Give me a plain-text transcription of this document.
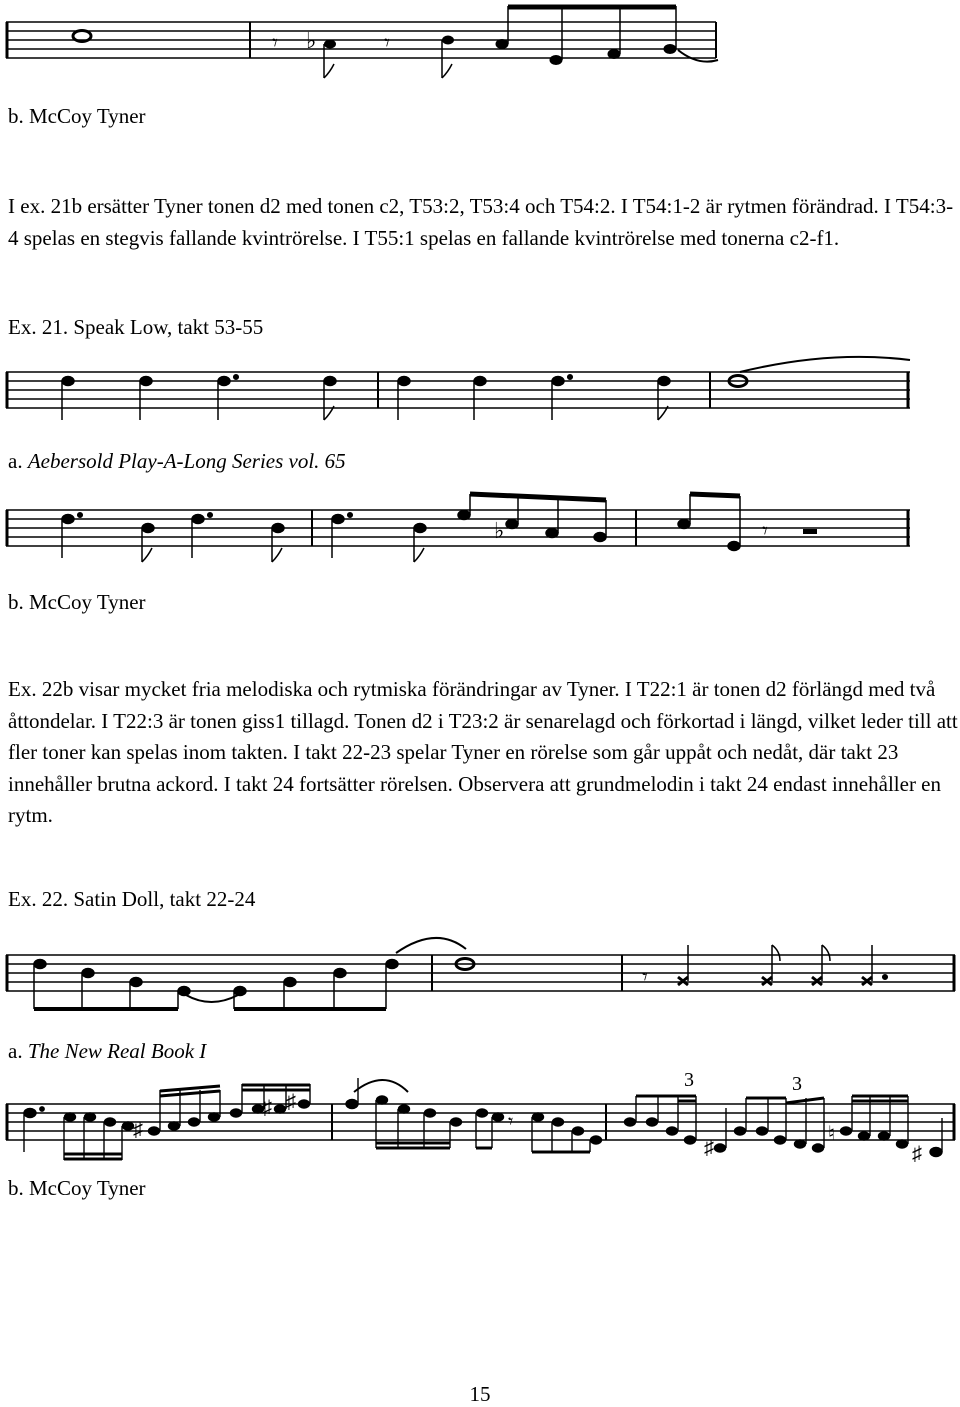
𝄾	𝄾
♭

b. McCoy Tyner

I ex. 21b ersätter Tyner tonen d2 med tonen c2, T53:2, T53:4 och T54:2. I T54:1-2 är rytmen förändrad. I T54:3-4 spelas en stegvis fallande kvintrörelse. I T55:1 spelas en fallande kvintrörelse med tonerna c2-f1.

Ex. 21. Speak Low, takt 53-55

a. Aebersold Play-A-Long Series vol. 65

♭	𝄾

b. McCoy Tyner

Ex. 22b visar mycket fria melodiska och rytmiska förändringar av Tyner. I T22:1 är tonen d2 förlängd med två åttondelar. I T22:3 är tonen giss1 tillagd. Tonen d2 i T23:2 är senarelagd och förkortad i längd, vilket leder till att fler toner kan spelas inom takten. I takt 22-23 spelar Tyner en rörelse som går uppåt och nedåt, där takt 23 innehåller brutna ackord. I takt 24 fortsätter rörelsen. Observera att grundmelodin i takt 24 endast innehåller en rytm.

Ex. 22. Satin Doll, takt 22-24

𝄾

a. The New Real Book I

𝄾
♯
♯ ♯
♯
♮
♯
3	3

b. McCoy Tyner

15
